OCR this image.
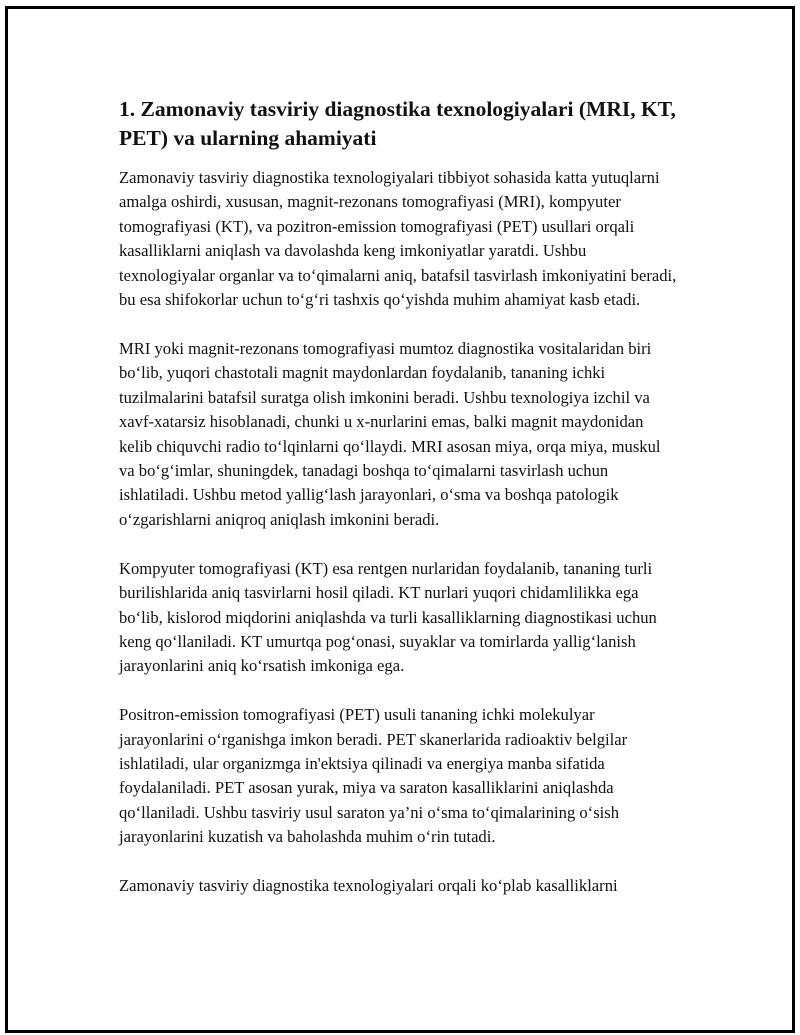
1. Zamonaviy tasviriy diagnostika texnologiyalari (MRI, KT, PET) va ularning ahamiyati

Zamonaviy tasviriy diagnostika texnologiyalari tibbiyot sohasida katta yutuqlarni amalga oshirdi, xususan, magnit-rezonans tomografiyasi (MRI), kompyuter tomografiyasi (KT), va pozitron-emission tomografiyasi (PET) usullari orqali kasalliklarni aniqlash va davolashda keng imkoniyatlar yaratdi. Ushbu texnologiyalar organlar va to‘qimalarni aniq, batafsil tasvirlash imkoniyatini beradi, bu esa shifokorlar uchun to‘g‘ri tashxis qo‘yishda muhim ahamiyat kasb etadi.

MRI yoki magnit-rezonans tomografiyasi mumtoz diagnostika vositalaridan biri bo‘lib, yuqori chastotali magnit maydonlardan foydalanib, tananing ichki tuzilmalarini batafsil suratga olish imkonini beradi. Ushbu texnologiya izchil va xavf-xatarsiz hisoblanadi, chunki u x-nurlarini emas, balki magnit maydonidan kelib chiquvchi radio to‘lqinlarni qo‘llaydi. MRI asosan miya, orqa miya, muskul va bo‘g‘imlar, shuningdek, tanadagi boshqa to‘qimalarni tasvirlash uchun ishlatiladi. Ushbu metod yallig‘lash jarayonlari, o‘sma va boshqa patologik o‘zgarishlarni aniqroq aniqlash imkonini beradi.

Kompyuter tomografiyasi (KT) esa rentgen nurlaridan foydalanib, tananing turli burilishlarida aniq tasvirlarni hosil qiladi. KT nurlari yuqori chidamlilikka ega bo‘lib, kislorod miqdorini aniqlashda va turli kasalliklarning diagnostikasi uchun keng qo‘llaniladi. KT umurtqa pog‘onasi, suyaklar va tomirlarda yallig‘lanish jarayonlarini aniq ko‘rsatish imkoniga ega.

Positron-emission tomografiyasi (PET) usuli tananing ichki molekulyar jarayonlarini o‘rganishga imkon beradi. PET skanerlarida radioaktiv belgilar ishlatiladi, ular organizmga in'ektsiya qilinadi va energiya manba sifatida foydalaniladi. PET asosan yurak, miya va saraton kasalliklarini aniqlashda qo‘llaniladi. Ushbu tasviriy usul saraton ya’ni o‘sma to‘qimalarining o‘sish jarayonlarini kuzatish va baholashda muhim o‘rin tutadi.

Zamonaviy tasviriy diagnostika texnologiyalari orqali ko‘plab kasalliklarni
